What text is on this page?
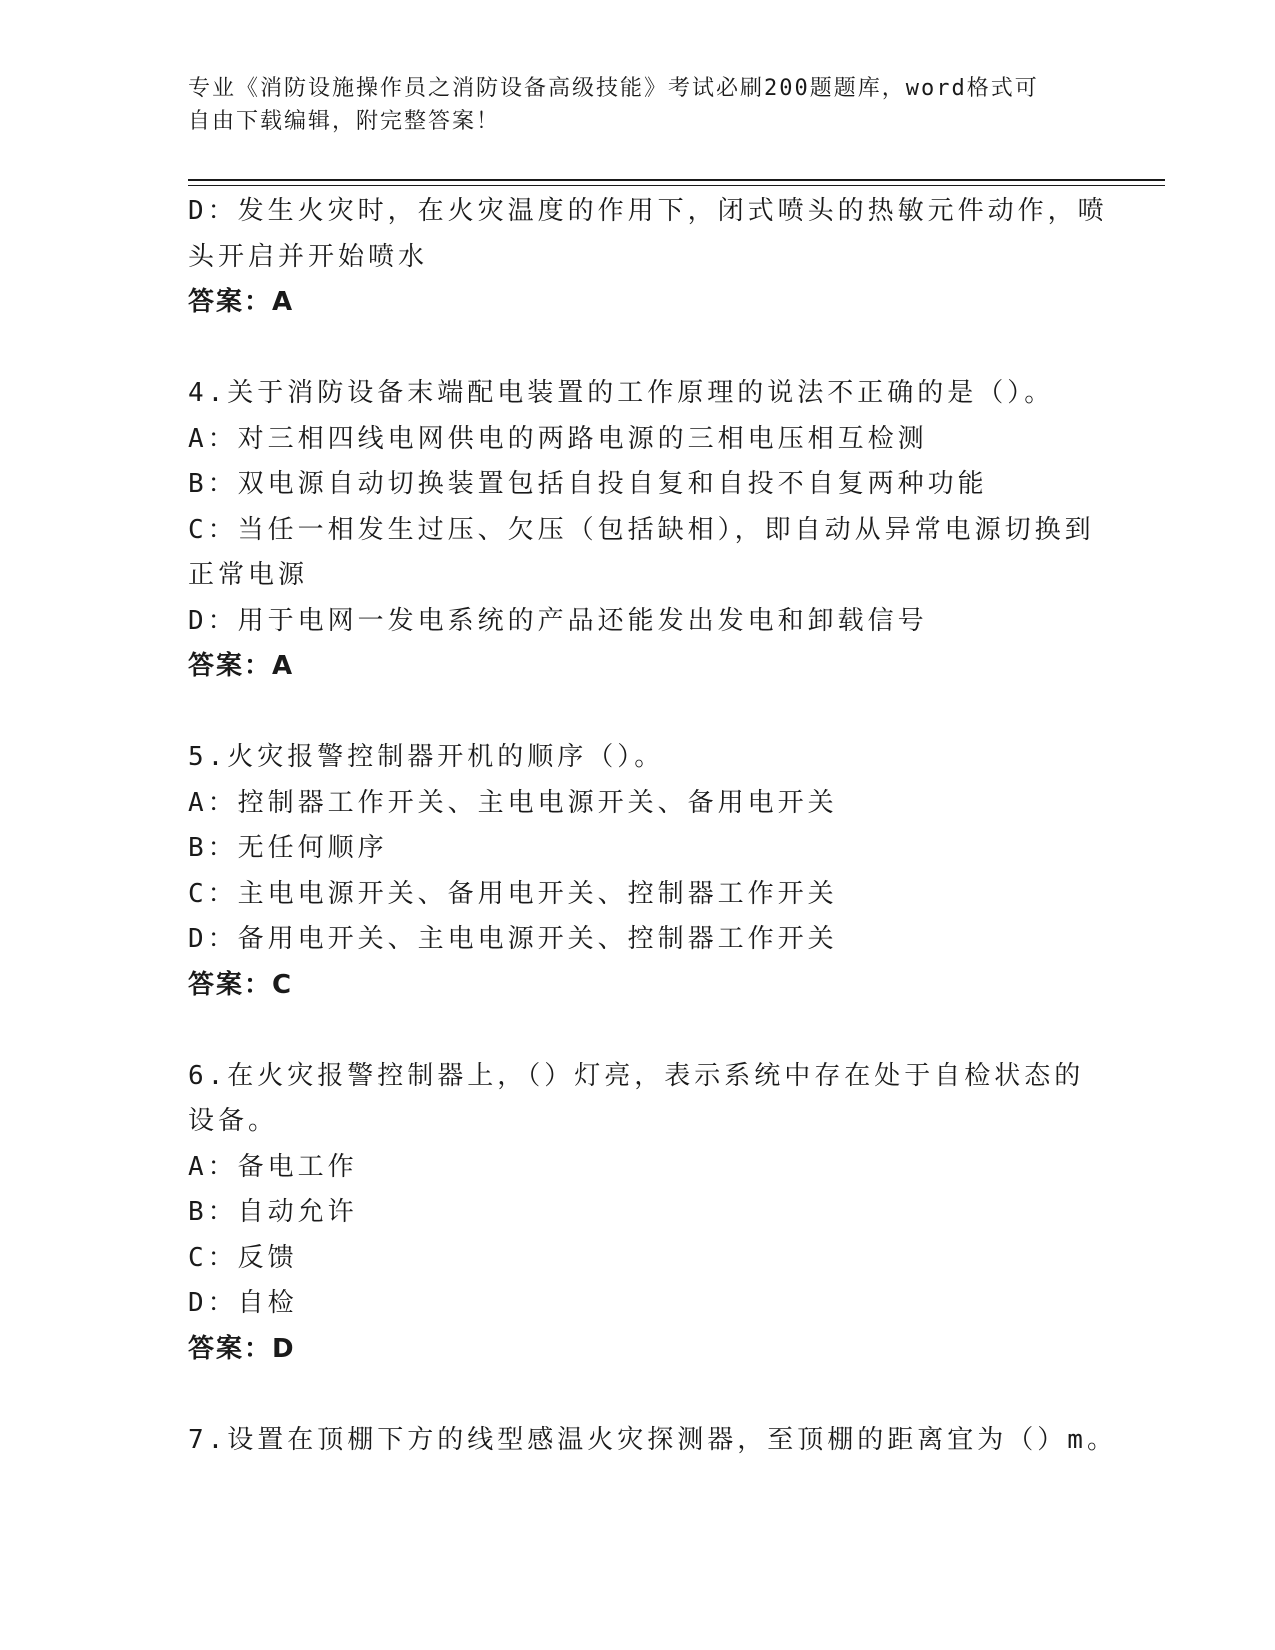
专业《消防设施操作员之消防设备高级技能》考试必刷200题题库，word格式可
自由下载编辑，附完整答案！
D：发生火灾时，在火灾温度的作用下，闭式喷头的热敏元件动作，喷
头开启并开始喷水
答案：A
4.关于消防设备末端配电装置的工作原理的说法不正确的是（）。
A：对三相四线电网供电的两路电源的三相电压相互检测
B：双电源自动切换装置包括自投自复和自投不自复两种功能
C：当任一相发生过压、欠压（包括缺相），即自动从异常电源切换到
正常电源
D：用于电网一发电系统的产品还能发出发电和卸载信号
答案：A
5.火灾报警控制器开机的顺序（）。
A：控制器工作开关、主电电源开关、备用电开关
B：无任何顺序
C：主电电源开关、备用电开关、控制器工作开关
D：备用电开关、主电电源开关、控制器工作开关
答案：C
6.在火灾报警控制器上，（）灯亮，表示系统中存在处于自检状态的
设备。
A：备电工作
B：自动允许
C：反馈
D：自检
答案：D
7.设置在顶棚下方的线型感温火灾探测器，至顶棚的距离宜为（）m。
